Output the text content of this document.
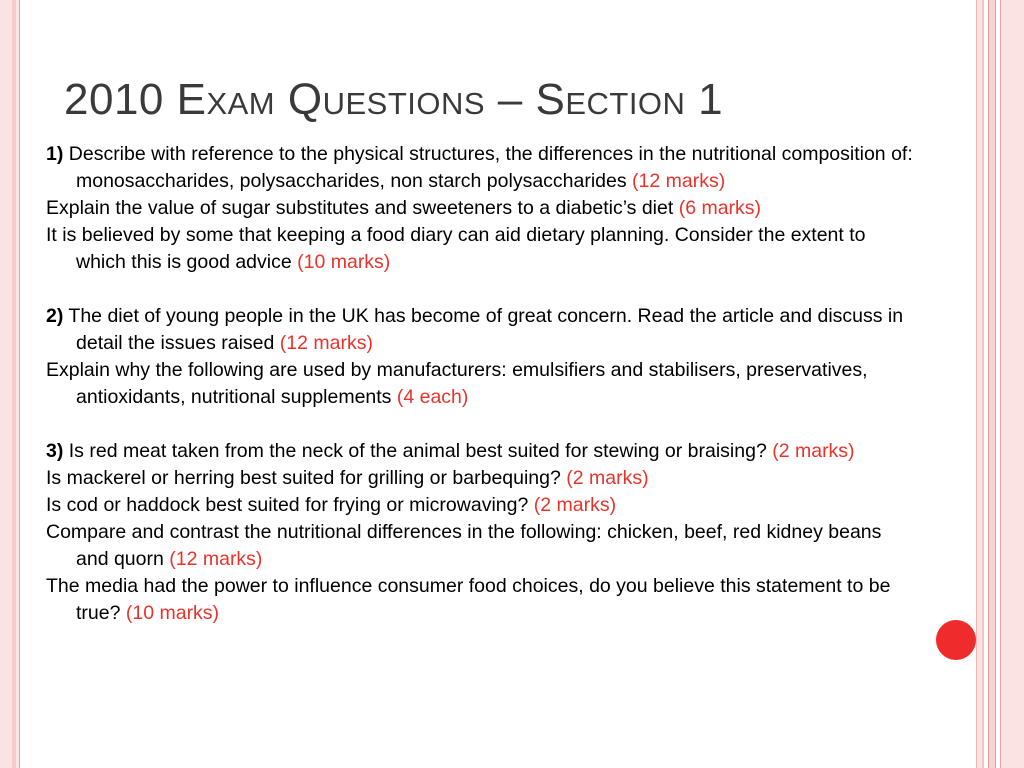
2010 Exam Questions – Section 1

1) Describe with reference to the physical structures, the differences in the nutritional composition of: monosaccharides, polysaccharides, non starch polysaccharides (12 marks)

Explain the value of sugar substitutes and sweeteners to a diabetic’s diet (6 marks)

It is believed by some that keeping a food diary can aid dietary planning. Consider the extent to which this is good advice (10 marks)

2) The diet of young people in the UK has become of great concern. Read the article and discuss in detail the issues raised (12 marks)

Explain why the following are used by manufacturers: emulsifiers and stabilisers, preservatives, antioxidants, nutritional supplements (4 each)

3) Is red meat taken from the neck of the animal best suited for stewing or braising? (2 marks)

Is mackerel or herring best suited for grilling or barbequing? (2 marks)

Is cod or haddock best suited for frying or microwaving? (2 marks)

Compare and contrast the nutritional differences in the following: chicken, beef, red kidney beans and quorn (12 marks)

The media had the power to influence consumer food choices, do you believe this statement to be true? (10 marks)
